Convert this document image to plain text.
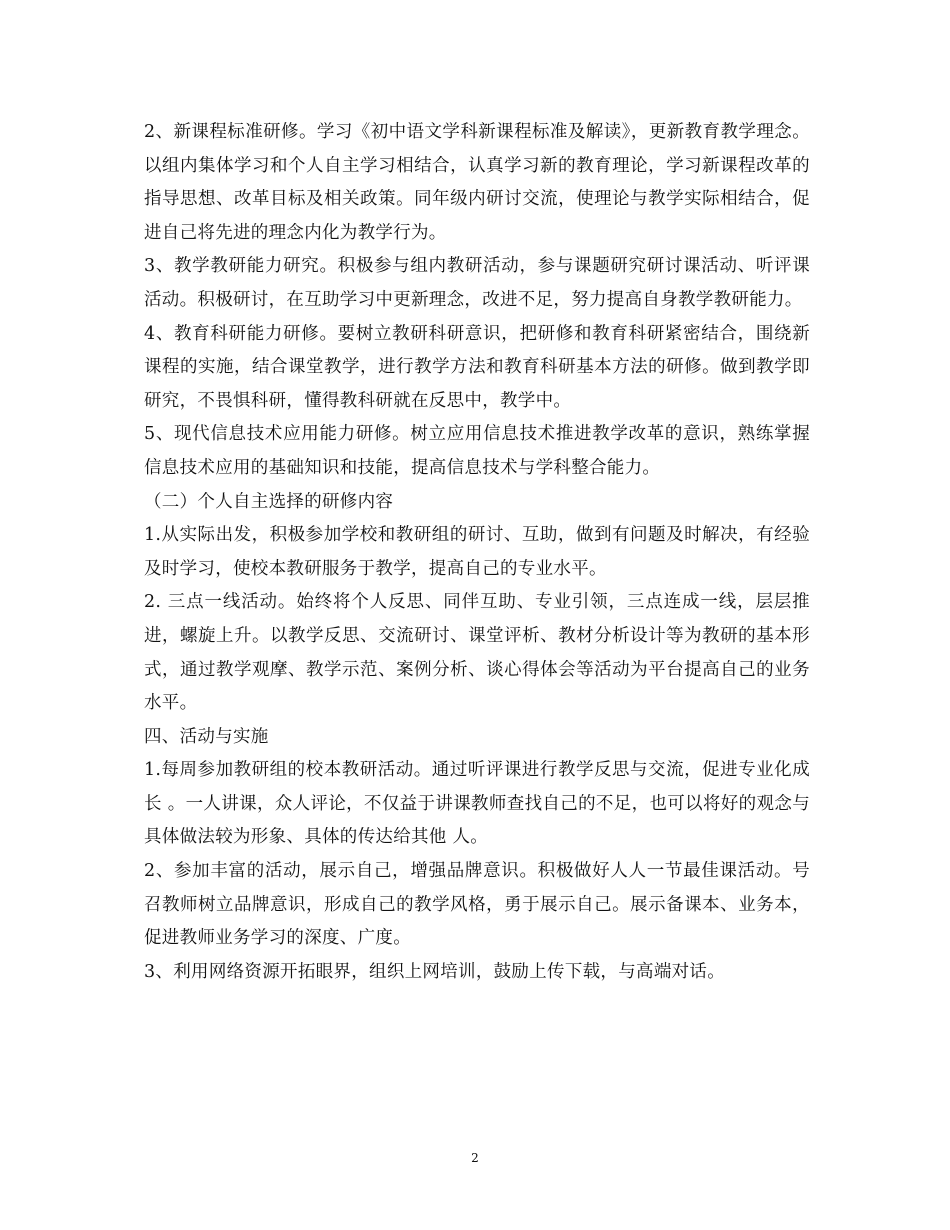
2、新课程标准研修。学习《初中语文学科新课程标准及解读》，更新教育教学理念。以组内集体学习和个人自主学习相结合，认真学习新的教育理论，学习新课程改革的指导思想、改革目标及相关政策。同年级内研讨交流，使理论与教学实际相结合，促进自己将先进的理念内化为教学行为。

3、教学教研能力研究。积极参与组内教研活动，参与课题研究研讨课活动、听评课活动。积极研讨，在互助学习中更新理念，改进不足，努力提高自身教学教研能力。

4、教育科研能力研修。要树立教研科研意识，把研修和教育科研紧密结合，围绕新课程的实施，结合课堂教学，进行教学方法和教育科研基本方法的研修。做到教学即研究，不畏惧科研，懂得教科研就在反思中，教学中。

5、现代信息技术应用能力研修。树立应用信息技术推进教学改革的意识，熟练掌握信息技术应用的基础知识和技能，提高信息技术与学科整合能力。

（二）个人自主选择的研修内容

1.从实际出发，积极参加学校和教研组的研讨、互助，做到有问题及时解决，有经验及时学习，使校本教研服务于教学，提高自己的专业水平。

2. 三点一线活动。始终将个人反思、同伴互助、专业引领，三点连成一线，层层推进，螺旋上升。以教学反思、交流研讨、课堂评析、教材分析设计等为教研的基本形式，通过教学观摩、教学示范、案例分析、谈心得体会等活动为平台提高自己的业务水平。

四、活动与实施

1.每周参加教研组的校本教研活动。通过听评课进行教学反思与交流，促进专业化成长 。一人讲课，众人评论，不仅益于讲课教师查找自己的不足，也可以将好的观念与具体做法较为形象、具体的传达给其他 人。

2、参加丰富的活动，展示自己，增强品牌意识。积极做好人人一节最佳课活动。号召教师树立品牌意识，形成自己的教学风格，勇于展示自己。展示备课本、业务本，促进教师业务学习的深度、广度。

3、利用网络资源开拓眼界，组织上网培训，鼓励上传下载，与高端对话。

2
